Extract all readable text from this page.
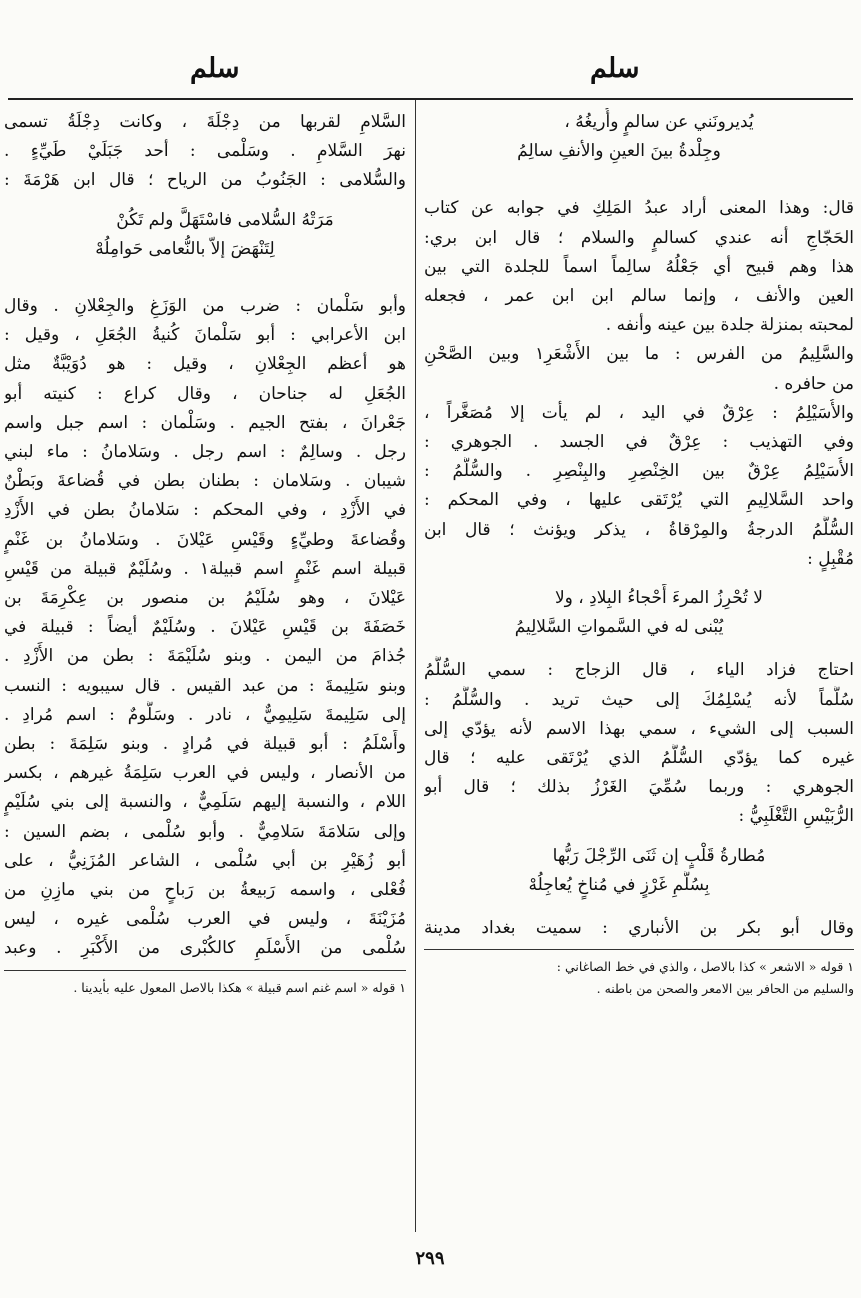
سلم
سلم
يُديرونَني عن سالمٍ وأُريغُهُ ،
وجِلْدةُ بينَ العينِ والأنفِ سالِمُ
قال: وهذا المعنى أراد عبدُ المَلِكِ في جوابه عن كتاب
الحَجّاجِ أنه عندي كسالمٍ والسلام ؛ قال ابن بري:
هذا وهم قبيح أي جَعْلُهُ سالِماً اسماً للجلدة التي بين
العين والأنف ، وإنما سالم ابن ابن عمر ، فجعله
لمحبته بمنزلة جلدة بين عينه وأنفه .
والسَّلِيمُ من الفرس : ما بين الأَشْعَرِ١ وبين الصَّحْنِ
من حافره .
والأُسَيْلِمُ : عِرْقٌ في اليد ، لم يأت إلا مُصَغَّراً ،
وفي التهذيب : عِرْقٌ في الجسد . الجوهري :
الأُسَيْلِمُ عِرْقٌ بين الخِنْصِرِ والبِنْصِرِ . والسُّلَّمُ :
واحد السَّلالِيمِ التي يُرْتَقى عليها ، وفي المحكم :
السُّلَّمُ الدرجةُ والمِرْقاةُ ، يذكر ويؤنث ؛ قال ابن
مُقْبِلٍ :
لا تُحْرِزُ المرءَ أَحْجاءُ البِلادِ ، ولا
يُبْنى له في السَّمواتِ السَّلالِيمُ
احتاج فزاد الياء ، قال الزجاج : سمي السُّلَّمُ
سُلَّماً لأنه يُسْلِمُكَ إلى حيث تريد . والسُّلَّمُ :
السبب إلى الشيء ، سمي بهذا الاسم لأنه يؤدّي إلى
غيره كما يؤدّي السُّلَّمُ الذي يُرْتَقى عليه ؛ قال
الجوهري : وربما سُمِّيَ الغَرْزُ بذلك ؛ قال أبو
الرُّبَيْسِ التَّغْلَبِيُّ :
مُطارةُ قَلْبٍ إن ثَنَى الرِّجْلَ رَبُّها
بِسُلَّمِ غَرْزٍ في مُناخٍ يُعاجِلُهْ
وقال أبو بكر بن الأنباري : سميت بغداد مدينة
١ قوله « الاشعر » كذا بالاصل ، والذي في خط الصاغاني :
والسليم من الحافر بين الامعر والصحن من باطنه .
السَّلامِ لقربها من دِجْلَةَ ، وكانت دِجْلَةُ تسمى
نهرَ السَّلامِ . وسَلْمى : أحد جَبَلَيْ طَيِّءٍ .
والسُّلامى : الجَنُوبُ من الرياح ؛ قال ابن هَرْمَةَ :
مَرَتْهُ السُّلامى فاسْتَهَلَّ ولم تَكُنْ
لِتَنْهَضَ إلاّ بالنُّعامى حَوامِلُهْ
وأبو سَلْمان : ضرب من الوَزَغِ والجِعْلانِ . وقال
ابن الأعرابي : أبو سَلْمانَ كُنيةُ الجُعَلِ ، وقيل :
هو أعظم الجِعْلانِ ، وقيل : هو دُوَيْبَّةٌ مثل
الجُعَلِ له جناحان ، وقال كراع : كنيته أبو
جَعْرانَ ، بفتح الجيم . وسَلْمان : اسم جبل واسم
رجل . وسالِمٌ : اسم رجل . وسَلامانُ : ماء لبني
شيبان . وسَلامان : بطنان بطن في قُضاعةَ وبَطْنٌ
في الأَزْدِ ، وفي المحكم : سَلامانُ بطن في الأَزْدِ
وقُضاعةَ وطيِّءٍ وقَيْسِ عَيْلانَ . وسَلامانُ بن غَنْمٍ
قبيلة اسم غَنْمٍ اسم قبيلة١ . وسُلَيْمٌ قبيلة من قَيْسِ
عَيْلانَ ، وهو سُلَيْمُ بن منصور بن عِكْرِمَةَ بن
خَصَفَةَ بن قَيْسِ عَيْلانَ . وسُلَيْمٌ أيضاً : قبيلة في
جُذامَ من اليمن . وبنو سُلَيْمَةَ : بطن من الأَزْدِ .
وبنو سَلِيمةَ : من عبد القيس . قال سيبويه : النسب
إلى سَلِيمةَ سَلِيمِيٌّ ، نادر . وسَلُّومٌ : اسم مُرادِ .
وأَسْلَمُ : أبو قبيلة في مُرادٍ . وبنو سَلِمَةَ : بطن
من الأنصار ، وليس في العرب سَلِمَةُ غيرهم ، بكسر
اللام ، والنسبة إليهم سَلَمِيٌّ ، والنسبة إلى بني سُلَيْمٍ
وإلى سَلامَةَ سَلامِيٌّ . وأبو سُلْمى ، بضم السين :
أبو زُهَيْرِ بن أبي سُلْمى ، الشاعر المُزَنِيُّ ، على
فُعْلى ، واسمه رَبيعةُ بن رَباحٍ من بني مازِنِ من
مُزَيْنَةَ ، وليس في العرب سُلْمى غيره ، ليس
سُلْمى من الأَسْلَمِ كالكُبْرى من الأَكْبَرِ . وعبد
١ قوله « اسم غنم اسم قبيلة » هكذا بالاصل المعول عليه بأيدينا .
٢٩٩
